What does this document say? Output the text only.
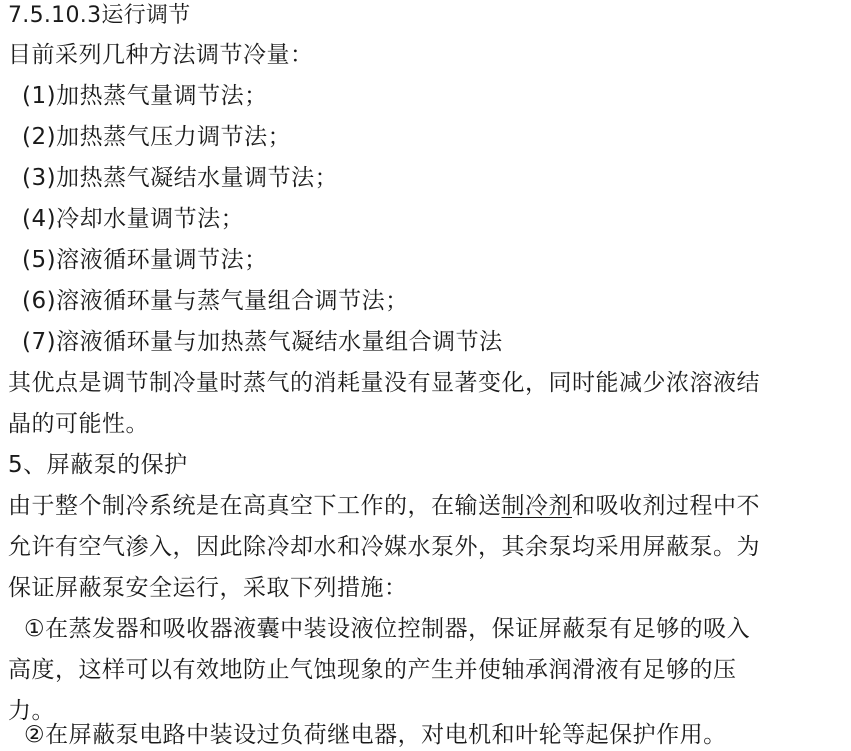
7.5.10.3运行调节
目前采列几种方法调节冷量：
(1)加热蒸气量调节法；
(2)加热蒸气压力调节法；
(3)加热蒸气凝结水量调节法；
(4)冷却水量调节法；
(5)溶液循环量调节法；
(6)溶液循环量与蒸气量组合调节法；
(7)溶液循环量与加热蒸气凝结水量组合调节法
其优点是调节制冷量时蒸气的消耗量没有显著变化，同时能减少浓溶液结
晶的可能性。
5、屏蔽泵的保护
由于整个制冷系统是在高真空下工作的，在输送制冷剂和吸收剂过程中不
允许有空气渗入，因此除冷却水和冷媒水泵外，其余泵均采用屏蔽泵。为
保证屏蔽泵安全运行，采取下列措施：
①在蒸发器和吸收器液囊中装设液位控制器，保证屏蔽泵有足够的吸入
高度，这样可以有效地防止气蚀现象的产生并使轴承润滑液有足够的压
力。
②在屏蔽泵电路中装设过负荷继电器，对电机和叶轮等起保护作用。
